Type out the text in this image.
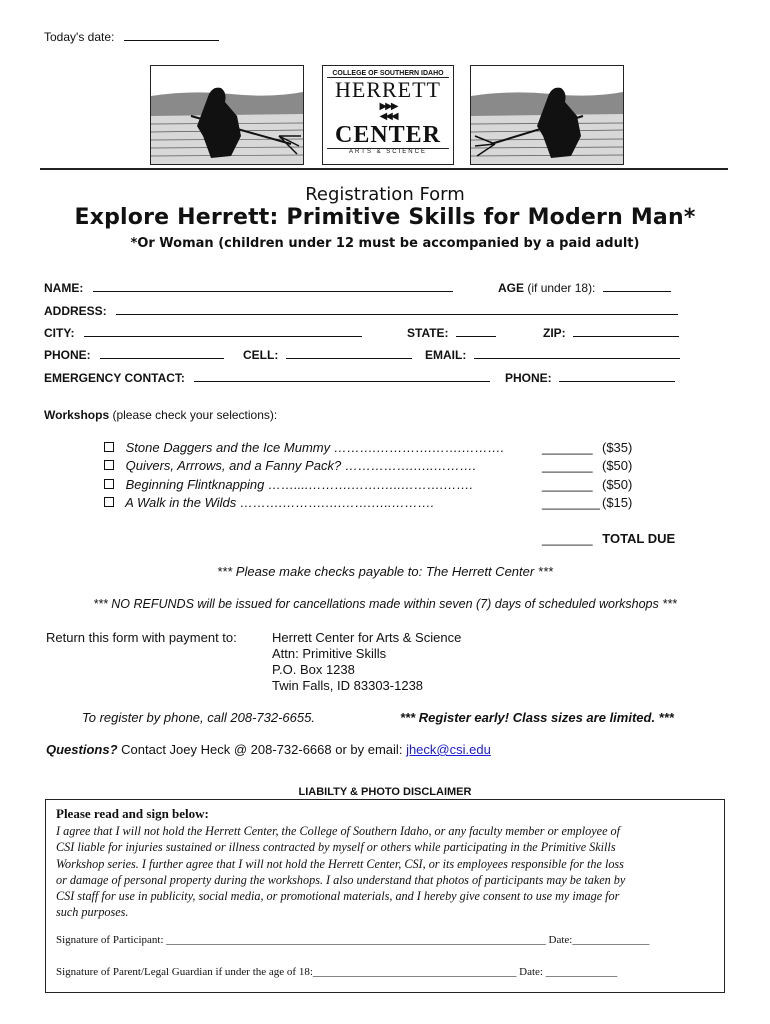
Today's date:
COLLEGE OF SOUTHERN IDAHO
HERRETT
▶▶▶
◀◀◀
CENTER
ARTS & SCIENCE
Registration Form
Explore Herrett: Primitive Skills for Modern Man*
*Or Woman (children under 12 must be accompanied by a paid adult)
NAME:	AGE (if under 18):
ADDRESS:
CITY:	STATE:	ZIP:
PHONE:	CELL:	EMAIL:
EMERGENCY CONTACT:	PHONE:
Workshops (please check your selections):
Stone Daggers and the Ice Mummy ……….………….…….……….	_______ ($35)
Quivers, Arrrows, and a Fanny Pack? …………….…..……….	_______ ($50)
Beginning Flintknapping ……....……….…….…..……….…….	_______ ($50)
A Walk in the Wilds ……….……….….…….…..……….	________ ($15)
_______ TOTAL DUE
*** Please make checks payable to: The Herrett Center ***
*** NO REFUNDS will be issued for cancellations made within seven (7) days of scheduled workshops ***
Return this form with payment to:	Herrett Center for Arts & Science
Attn: Primitive Skills
P.O. Box 1238
Twin Falls, ID 83303-1238
To register by phone, call 208-732-6655.	*** Register early! Class sizes are limited. ***
Questions? Contact Joey Heck @ 208-732-6668 or by email: jheck@csi.edu
LIABILTY & PHOTO DISCLAIMER
Please read and sign below:
I agree that I will not hold the Herrett Center, the College of Southern Idaho, or any faculty member or employee of
CSI liable for injuries sustained or illness contracted by myself or others while participating in the Primitive Skills
Workshop series. I further agree that I will not hold the Herrett Center, CSI, or its employees responsible for the loss
or damage of personal property during the workshops. I also understand that photos of participants may be taken by
CSI staff for use in publicity, social media, or promotional materials, and I hereby give consent to use my image for
such purposes.
Signature of Participant: _____________________________________________________________________ Date:______________
Signature of Parent/Legal Guardian if under the age of 18:_____________________________________ Date: _____________
